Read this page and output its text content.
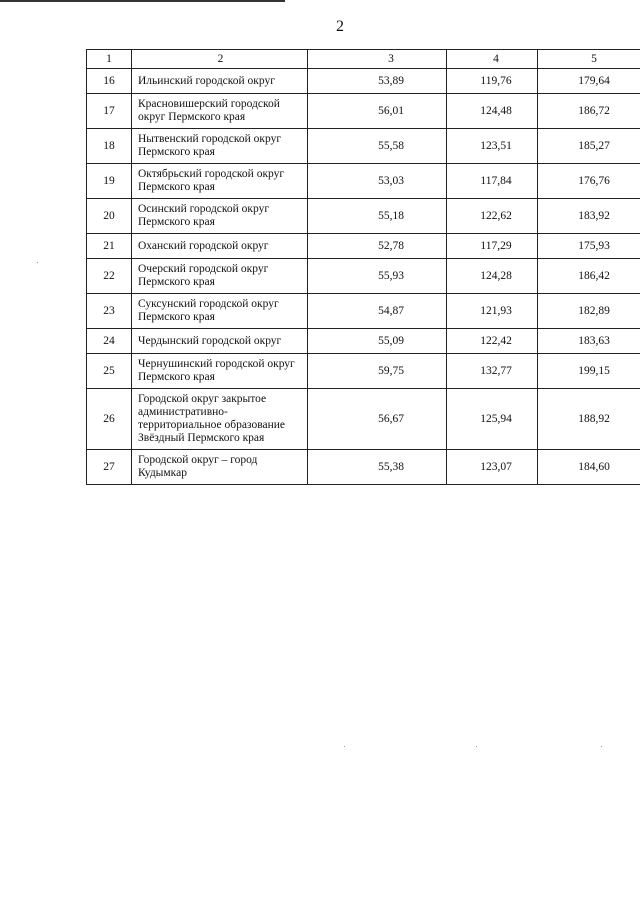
2
1	2	3	4	5
16	Ильинский городской округ	53,89	119,76	179,64
17	Красновишерский городской округ Пермского края	56,01	124,48	186,72
18	Нытвенский городской округ Пермского края	55,58	123,51	185,27
19	Октябрьский городской округ Пермского края	53,03	117,84	176,76
20	Осинский городской округ Пермского края	55,18	122,62	183,92
21	Оханский городской округ	52,78	117,29	175,93
22	Очерский городской округ Пермского края	55,93	124,28	186,42
23	Суксунский городской округ Пермского края	54,87	121,93	182,89
24	Чердынский городской округ	55,09	122,42	183,63
25	Чернушинский городской округ Пермского края	59,75	132,77	199,15
26	Городской округ закрытое административно-территориальное образование Звёздный Пермского края	56,67	125,94	188,92
27	Городской округ – город Кудымкар	55,38	123,07	184,60
